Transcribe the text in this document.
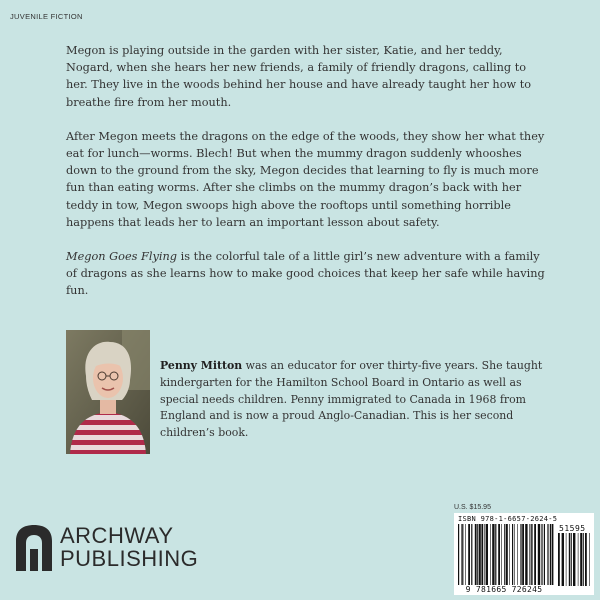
JUVENILE FICTION

Megon is playing outside in the garden with her sister, Katie, and her teddy, Nogard, when she hears her new friends, a family of friendly dragons, calling to her. They live in the woods behind her house and have already taught her how to breathe fire from her mouth.

After Megon meets the dragons on the edge of the woods, they show her what they eat for lunch—worms. Blech! But when the mummy dragon suddenly whooshes down to the ground from the sky, Megon decides that learning to fly is much more fun than eating worms. After she climbs on the mummy dragon’s back with her teddy in tow, Megon swoops high above the rooftops until something horrible happens that leads her to learn an important lesson about safety.

Megon Goes Flying is the colorful tale of a little girl’s new adventure with a family of dragons as she learns how to make good choices that keep her safe while having fun.

Penny Mitton was an educator for over thirty-five years. She taught kindergarten for the Hamilton School Board in Ontario as well as special needs children. Penny immigrated to Canada in 1968 from England and is now a proud Anglo-Canadian. This is her second children’s book.
ARCHWAY
PUBLISHING
U.S. $15.95
ISBN 978-1-6657-2624-5
51595
9 781665 726245
